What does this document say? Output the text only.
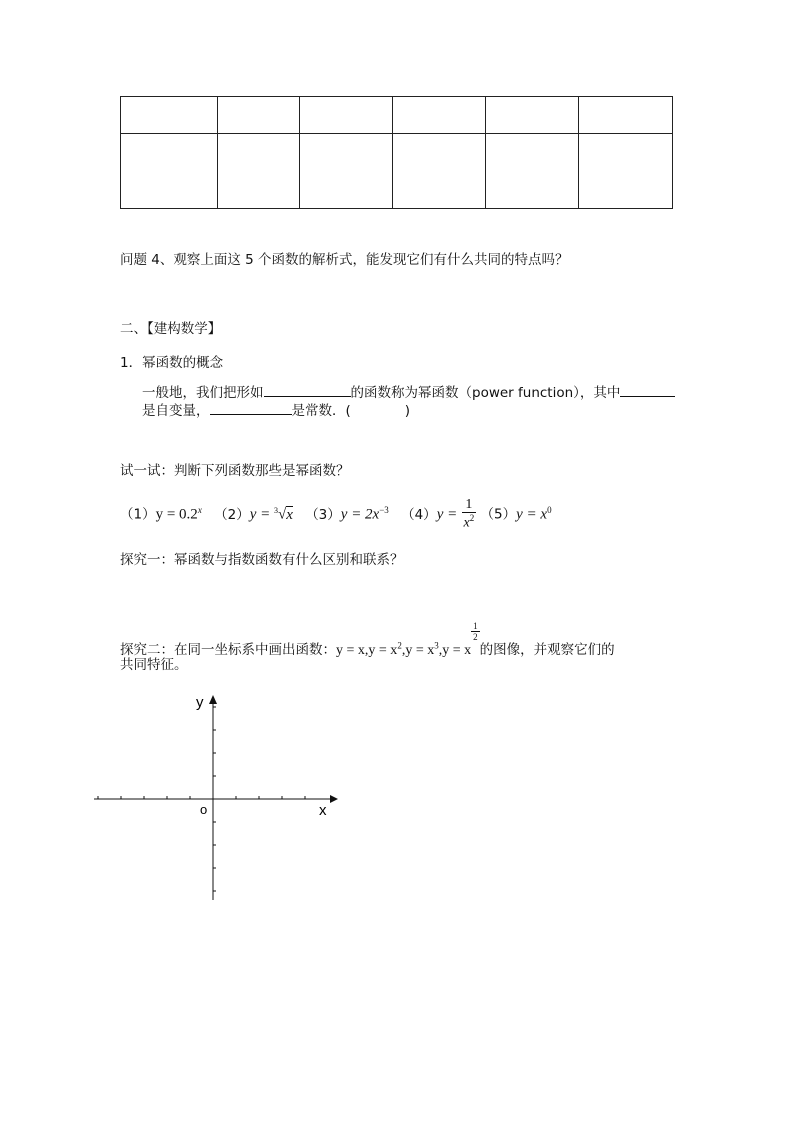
问题 4、观察上面这 5 个函数的解析式，能发现它们有什么共同的特点吗？
二、【建构数学】
1．幂函数的概念
一般地，我们把形如	的函数称为幂函数（power function），其中
是自变量，	是常数．(	)
试一试：判断下列函数那些是幂函数？
$(1)y = 0.2^x$ （2）y = $^3$√x $(3)y = 2x^{-3}$ $(4)y = \frac{1}{x^2} (5)y = x^0$
探究一：幂函数与指数函数有什么区别和联系？
探究二：在同一坐标系中画出函数：$y = x,y = x^2,y = x^3,y = x$
$\frac{1}{2}$
的图像，并观察它们的
共同特征。
y
x
o
